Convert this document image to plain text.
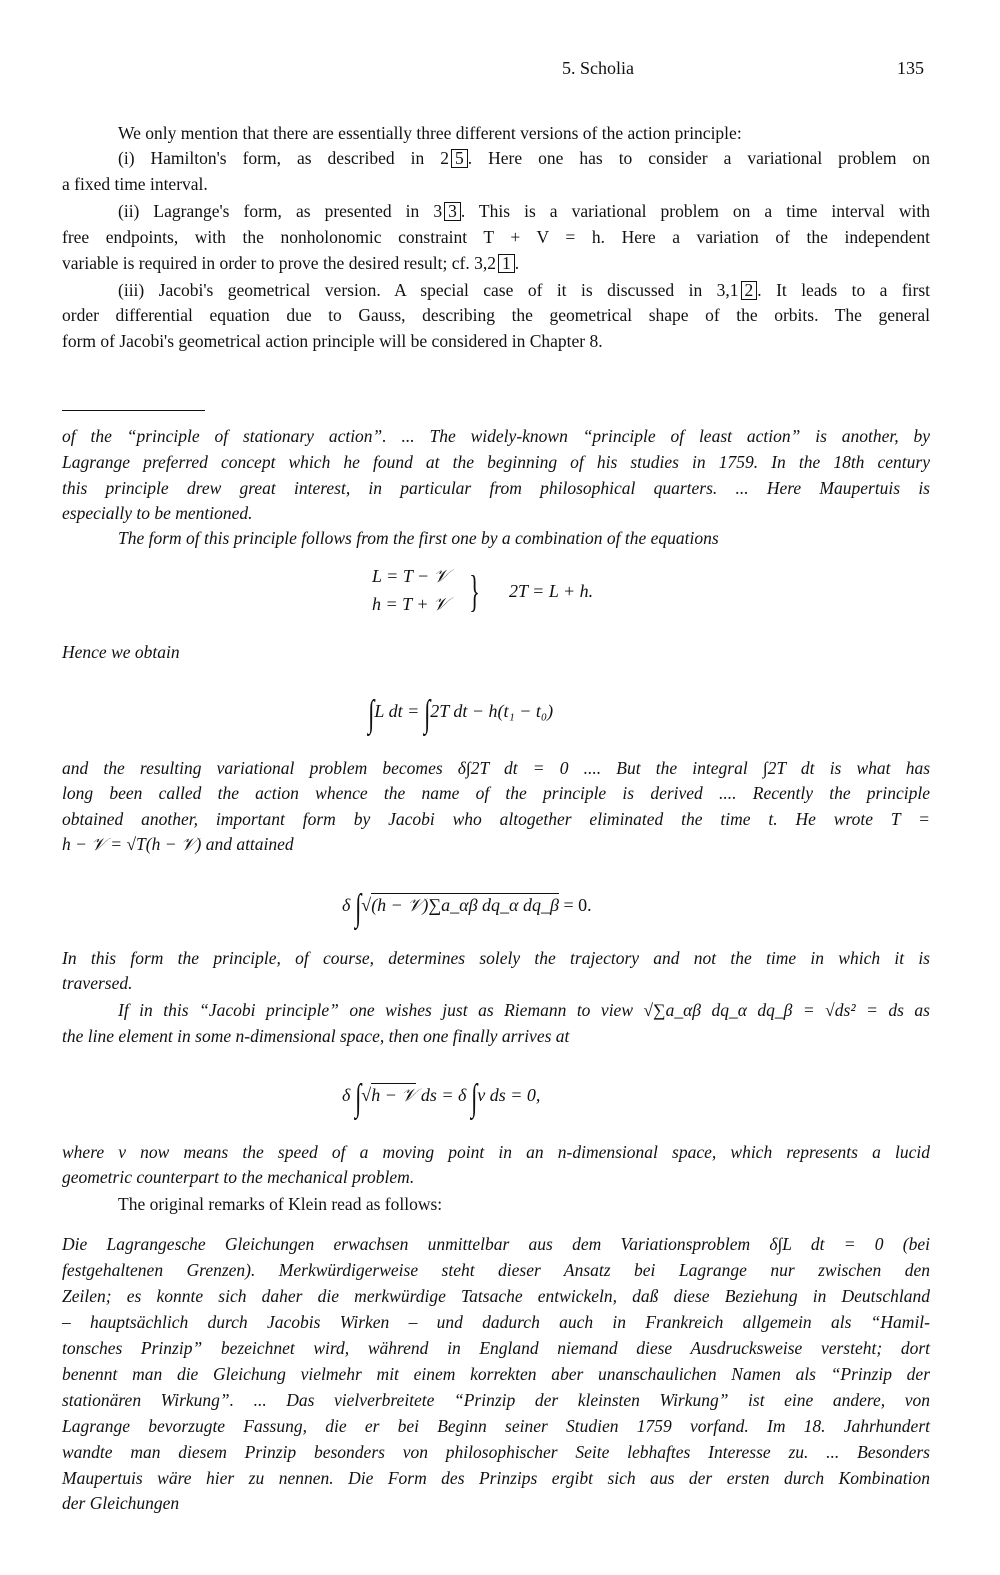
5. Scholia	135
We only mention that there are essentially three different versions of the action principle:
(i) Hamilton's form, as described in 2 5 . Here one has to consider a variational problem on
a fixed time interval.
(ii) Lagrange's form, as presented in 3 3 . This is a variational problem on a time interval with
free endpoints, with the nonholonomic constraint T + V = h. Here a variation of the independent
variable is required in order to prove the desired result; cf. 3,2 1 .
(iii) Jacobi's geometrical version. A special case of it is discussed in 3,1 2 . It leads to a first
order differential equation due to Gauss, describing the geometrical shape of the orbits. The general
form of Jacobi's geometrical action principle will be considered in Chapter 8.
of the “principle of stationary action”. ... The widely-known “principle of least action” is another, by
Lagrange preferred concept which he found at the beginning of his studies in 1759. In the 18th century
this principle drew great interest, in particular from philosophical quarters. ... Here Maupertuis is
especially to be mentioned.
The form of this principle follows from the first one by a combination of the equations
Hence we obtain
and the resulting variational problem becomes δ∫2T dt = 0 .... But the integral ∫2T dt is what has
long been called the action whence the name of the principle is derived .... Recently the principle
obtained another, important form by Jacobi who altogether eliminated the time t. He wrote T =
h − 𝒱 = √T(h − 𝒱) and attained
In this form the principle, of course, determines solely the trajectory and not the time in which it is
traversed.
If in this “Jacobi principle” one wishes just as Riemann to view √∑a_αβ dq_α dq_β = √ds² = ds as
the line element in some n-dimensional space, then one finally arrives at
where v now means the speed of a moving point in an n-dimensional space, which represents a lucid
geometric counterpart to the mechanical problem.
The original remarks of Klein read as follows:
Die Lagrangesche Gleichungen erwachsen unmittelbar aus dem Variationsproblem δ∫L dt = 0 (bei
festgehaltenen Grenzen). Merkwürdigerweise steht dieser Ansatz bei Lagrange nur zwischen den
Zeilen; es konnte sich daher die merkwürdige Tatsache entwickeln, daß diese Beziehung in Deutschland
– hauptsächlich durch Jacobis Wirken – und dadurch auch in Frankreich allgemein als “Hamil-
tonsches Prinzip” bezeichnet wird, während in England niemand diese Ausdrucksweise versteht; dort
benennt man die Gleichung vielmehr mit einem korrekten aber unanschaulichen Namen als “Prinzip der
stationären Wirkung”. ... Das vielverbreitete “Prinzip der kleinsten Wirkung” ist eine andere, von
Lagrange bevorzugte Fassung, die er bei Beginn seiner Studien 1759 vorfand. Im 18. Jahrhundert
wandte man diesem Prinzip besonders von philosophischer Seite lebhaftes Interesse zu. ... Besonders
Maupertuis wäre hier zu nennen. Die Form des Prinzips ergibt sich aus der ersten durch Kombination
der Gleichungen
L = T − 𝒱
h = T + 𝒱 } 2T = L + h.
∫L dt = ∫2T dt − h(t₁ − t₀)
δ ∫√(h − 𝒱)∑a_αβ dq_α dq_β = 0.
δ ∫√h − 𝒱 ds = δ ∫v ds = 0,
